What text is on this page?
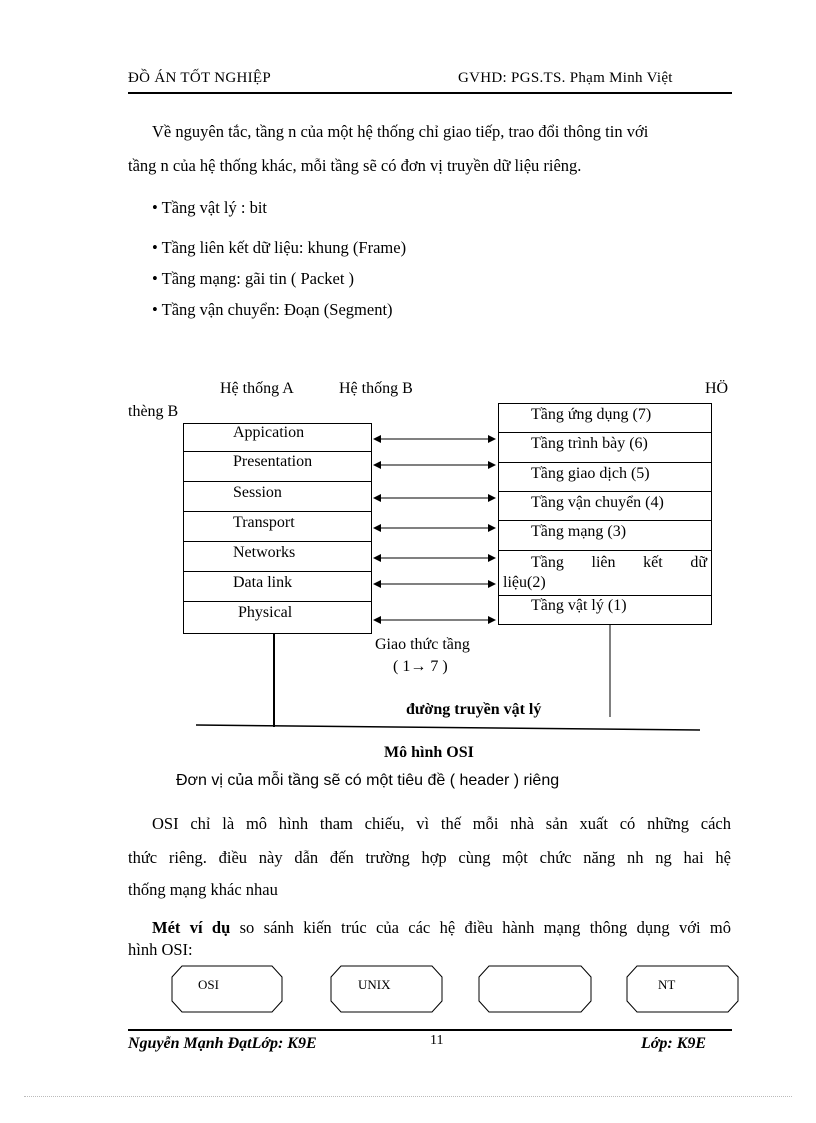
ĐỒ ÁN TỐT NGHIỆP	GVHD: PGS.TS. Phạm Minh Việt
Về nguyên tắc, tầng n của một hệ thống chỉ giao tiếp, trao đổi thông tin với
tầng n của hệ thống khác, mỗi tầng sẽ có đơn vị truyền dữ liệu riêng.
• Tầng vật lý : bit
• Tầng liên kết dữ liệu: khung (Frame)
• Tầng mạng: gãi tin ( Packet )
• Tầng vận chuyển: Đoạn (Segment)
Hệ thống A	Hệ thống B	HÖ
thèng B
Appication
Presentation
Session
Transport
Networks
Data link
Physical
Tầng ứng dụng (7)
Tầng trình bày (6)
Tầng giao dịch (5)
Tầng vận chuyển (4)
Tầng mạng (3)
Tầng liên kết dữ
liệu(2)
Tầng vật lý (1)
Giao thức tầng
( 1→ 7 )
đường truyền vật lý
Mô hình OSI
Đơn vị của mỗi tầng sẽ có một tiêu đề ( header ) riêng
OSI chỉ là mô hình tham chiếu, vì thế mỗi nhà sản xuất có những cách
thức riêng. điều này dẫn đến trường hợp cùng một chức năng nh ng hai hệ
thống mạng khác nhau
Mét ví dụ so sánh kiến trúc của các hệ điều hành mạng thông dụng với mô
hình OSI:
OSI	UNIX	NT
Nguyễn Mạnh ĐạtLớp: K9E	11	Lớp: K9E
